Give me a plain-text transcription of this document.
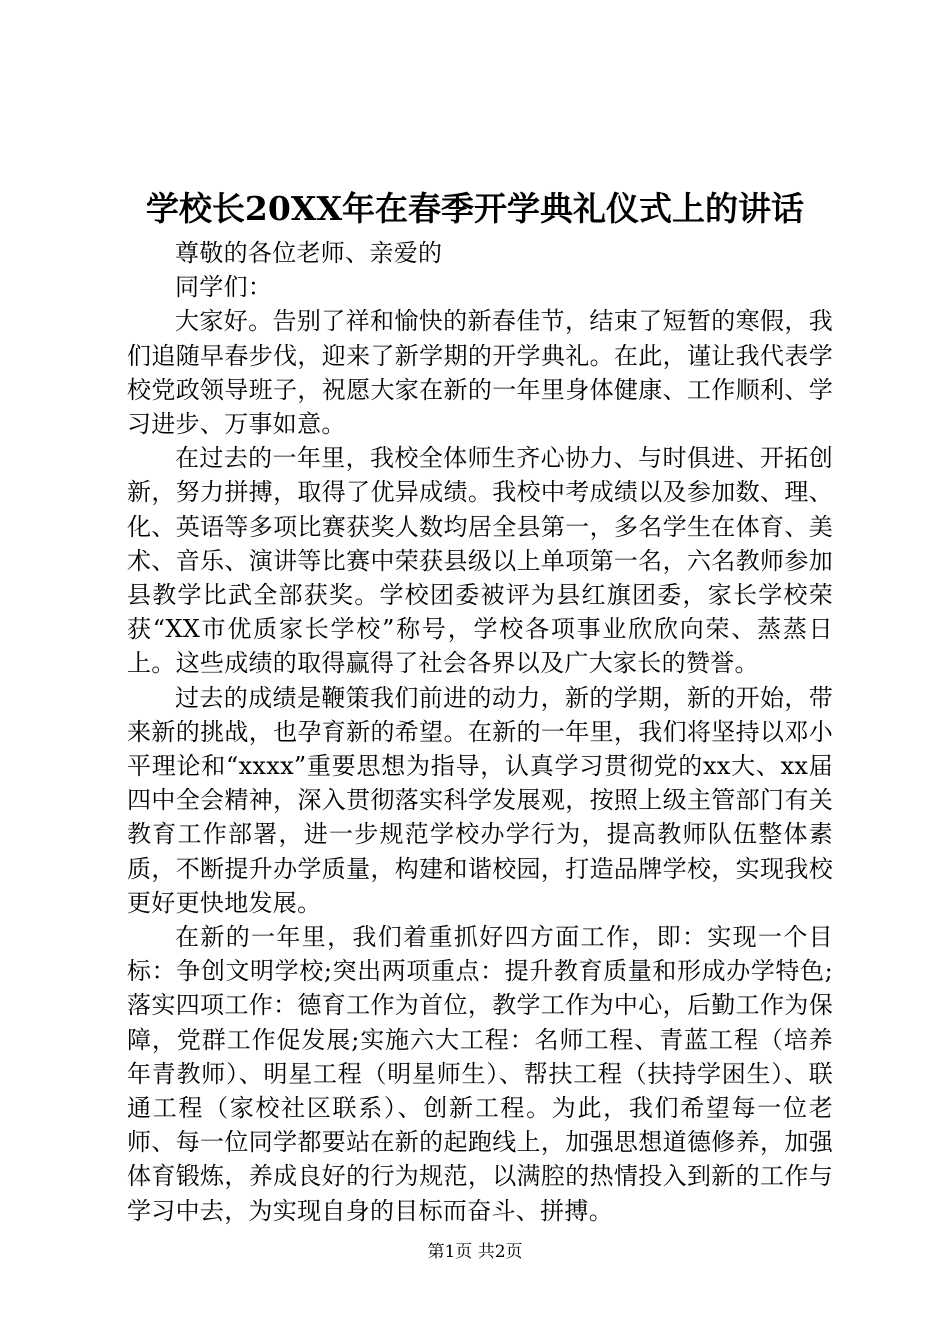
学校长20XX年在春季开学典礼仪式上的讲话

尊敬的各位老师、亲爱的

同学们：

大家好。告别了祥和愉快的新春佳节，结束了短暂的寒假，我们追随早春步伐，迎来了新学期的开学典礼。在此，谨让我代表学校党政领导班子，祝愿大家在新的一年里身体健康、工作顺利、学习进步、万事如意。

在过去的一年里，我校全体师生齐心协力、与时俱进、开拓创新，努力拼搏，取得了优异成绩。我校中考成绩以及参加数、理、化、英语等多项比赛获奖人数均居全县第一，多名学生在体育、美术、音乐、演讲等比赛中荣获县级以上单项第一名，六名教师参加县教学比武全部获奖。学校团委被评为县红旗团委，家长学校荣获“XX市优质家长学校”称号，学校各项事业欣欣向荣、蒸蒸日上。这些成绩的取得赢得了社会各界以及广大家长的赞誉。

过去的成绩是鞭策我们前进的动力，新的学期，新的开始，带来新的挑战，也孕育新的希望。在新的一年里，我们将坚持以邓小平理论和“xxxx”重要思想为指导，认真学习贯彻党的xx大、xx届四中全会精神，深入贯彻落实科学发展观，按照上级主管部门有关教育工作部署，进一步规范学校办学行为，提高教师队伍整体素质，不断提升办学质量，构建和谐校园，打造品牌学校，实现我校更好更快地发展。

在新的一年里，我们着重抓好四方面工作，即：实现一个目标：争创文明学校;突出两项重点：提升教育质量和形成办学特色;落实四项工作：德育工作为首位，教学工作为中心，后勤工作为保障，党群工作促发展;实施六大工程：名师工程、青蓝工程（培养年青教师）、明星工程（明星师生）、帮扶工程（扶持学困生）、联通工程（家校社区联系）、创新工程。为此，我们希望每一位老师、每一位同学都要站在新的起跑线上，加强思想道德修养，加强体育锻炼，养成良好的行为规范，以满腔的热情投入到新的工作与学习中去，为实现自身的目标而奋斗、拼搏。

第1页 共2页
